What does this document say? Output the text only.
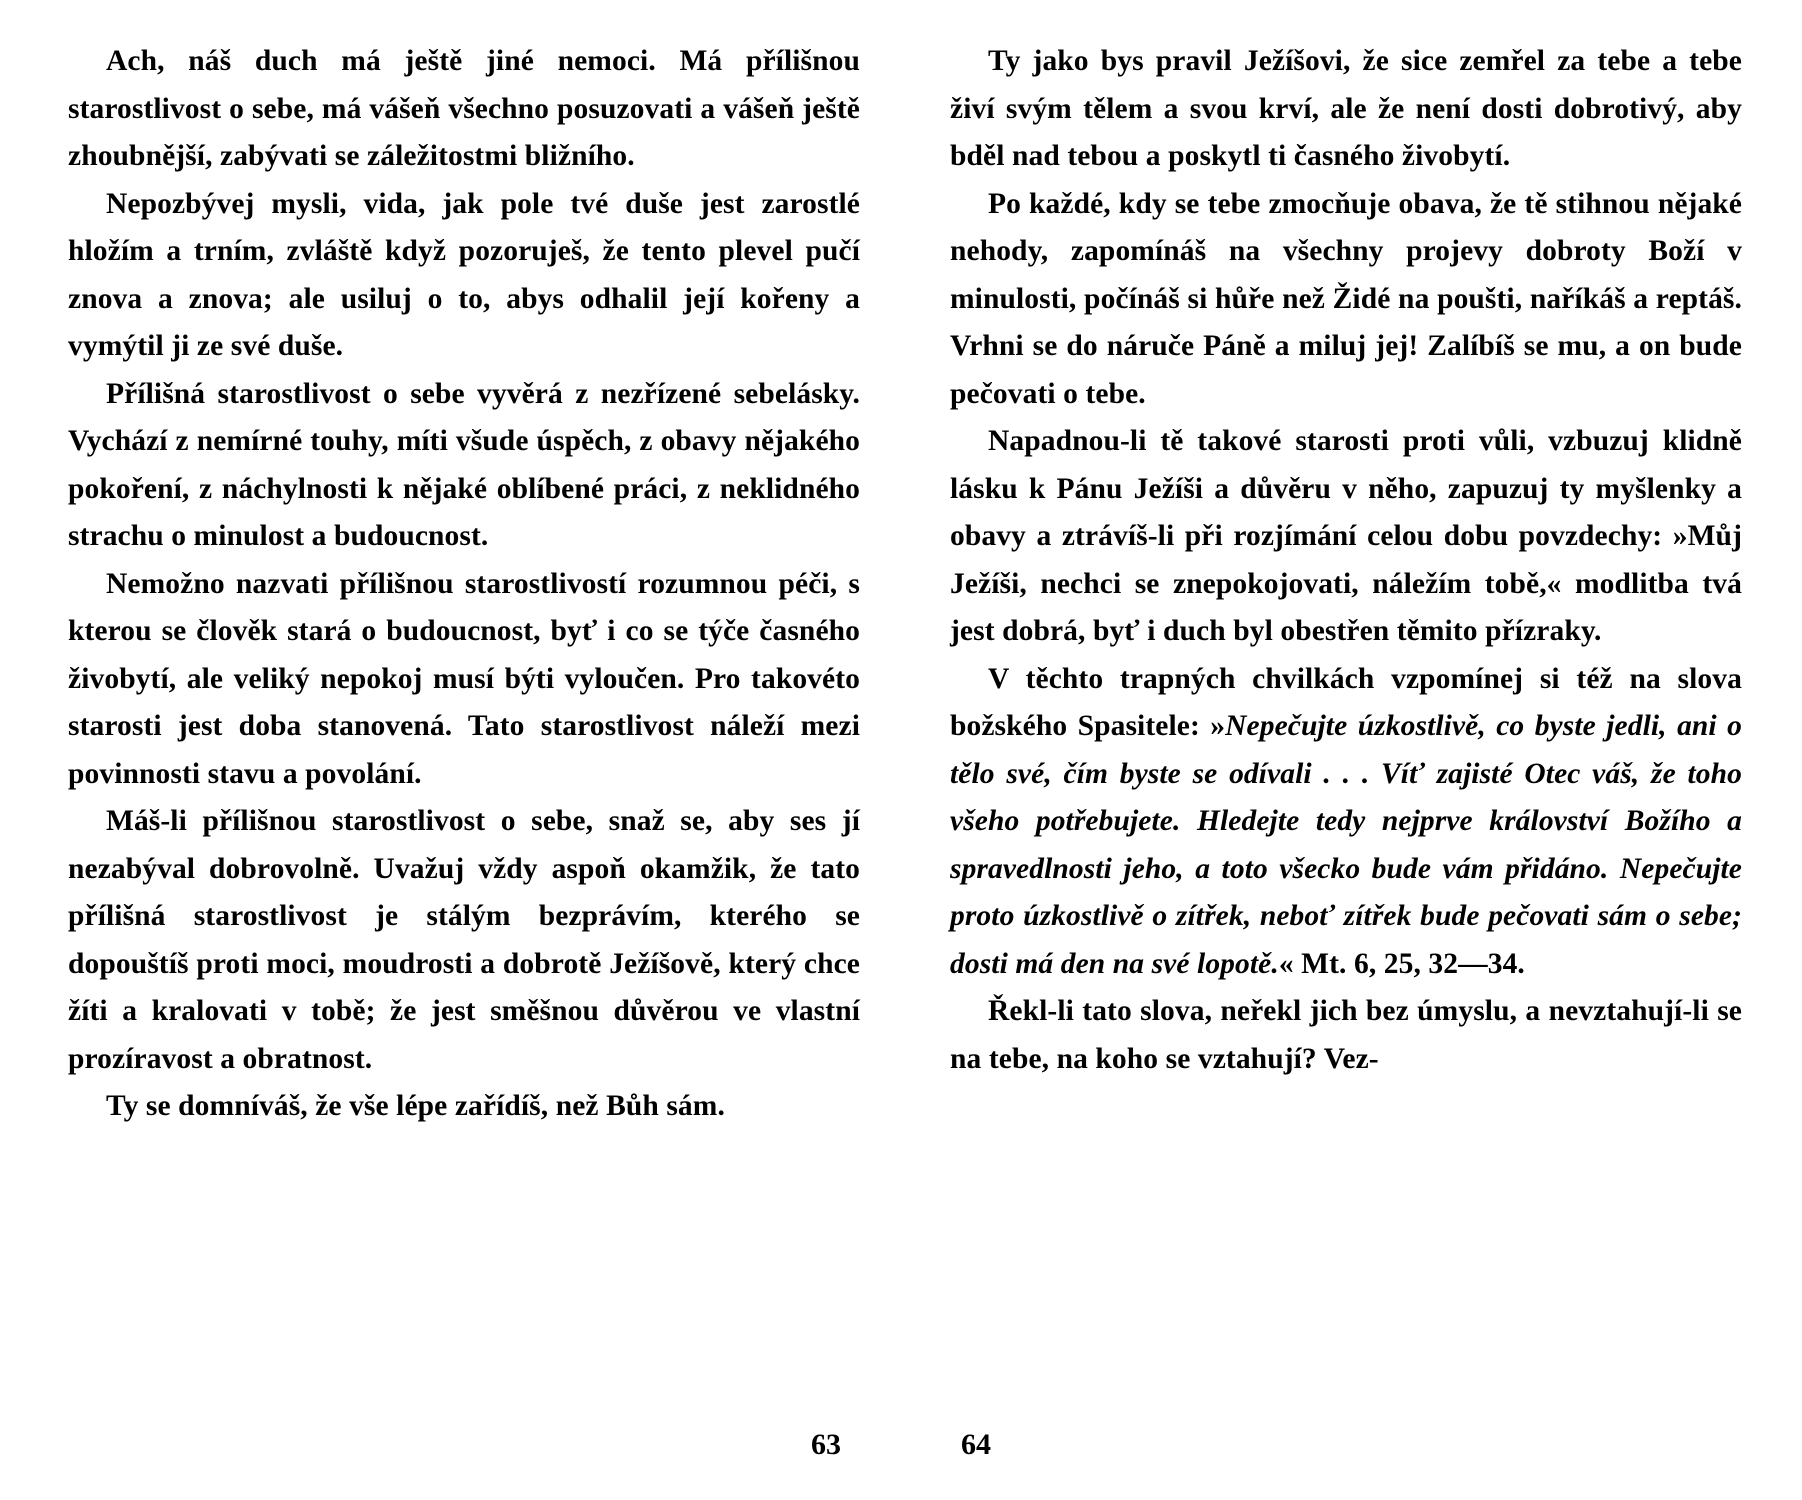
Ach, náš duch má ještě jiné nemoci. Má přílišnou starostlivost o sebe, má vášeň všechno posuzovati a vášeň ještě zhoubnější, zabývati se záležitostmi bližního.

Nepozbývej mysli, vida, jak pole tvé duše jest zarostlé hložím a trním, zvláště když pozoruješ, že tento plevel pučí znova a znova; ale usiluj o to, abys odhalil její kořeny a vymýtil ji ze své duše.

Přílišná starostlivost o sebe vyvěrá z nezřízené sebelásky. Vychází z nemírné touhy, míti všude úspěch, z obavy nějakého pokoření, z náchylnosti k nějaké oblíbené práci, z neklidného strachu o minulost a budoucnost.

Nemožno nazvati přílišnou starostlivostí rozumnou péči, s kterou se člověk stará o budoucnost, byť i co se týče časného živobytí, ale veliký nepokoj musí býti vyloučen. Pro takovéto starosti jest doba stanovená. Tato starostlivost náleží mezi povinnosti stavu a povolání.

Máš-li přílišnou starostlivost o sebe, snaž se, aby ses jí nezabýval dobrovolně. Uvažuj vždy aspoň okamžik, že tato přílišná starostlivost je stálým bezprávím, kterého se dopouštíš proti moci, moudrosti a dobrotě Ježíšově, který chce žíti a kralovati v tobě; že jest směšnou důvěrou ve vlastní prozíravost a obratnost.

Ty se domníváš, že vše lépe zařídíš, než Bůh sám.

Ty jako bys pravil Ježíšovi, že sice zemřel za tebe a tebe živí svým tělem a svou krví, ale že není dosti dobrotivý, aby bděl nad tebou a poskytl ti časného živobytí.

Po každé, kdy se tebe zmocňuje obava, že tě stihnou nějaké nehody, zapomínáš na všechny projevy dobroty Boží v minulosti, počínáš si hůře než Židé na poušti, naříkáš a reptáš. Vrhni se do náruče Páně a miluj jej! Zalíbíš se mu, a on bude pečovati o tebe.

Napadnou-li tě takové starosti proti vůli, vzbuzuj klidně lásku k Pánu Ježíši a důvěru v něho, zapuzuj ty myšlenky a obavy a ztrávíš-li při rozjímání celou dobu povzdechy: »Můj Ježíši, nechci se znepokojovati, náležím tobě,« modlitba tvá jest dobrá, byť i duch byl obestřen těmito přízraky.

V těchto trapných chvilkách vzpomínej si též na slova božského Spasitele: »Nepečujte úzkostlivě, co byste jedli, ani o tělo své, čím byste se odívali . . . Víť zajisté Otec váš, že toho všeho potřebujete. Hledejte tedy nejprve království Božího a spravedlnosti jeho, a toto všecko bude vám přidáno. Nepečujte proto úzkostlivě o zítřek, neboť zítřek bude pečovati sám o sebe; dosti má den na své lopotě.« Mt. 6, 25, 32—34.

Řekl-li tato slova, neřekl jich bez úmyslu, a nevztahují-li se na tebe, na koho se vztahují? Vez-

63	64
